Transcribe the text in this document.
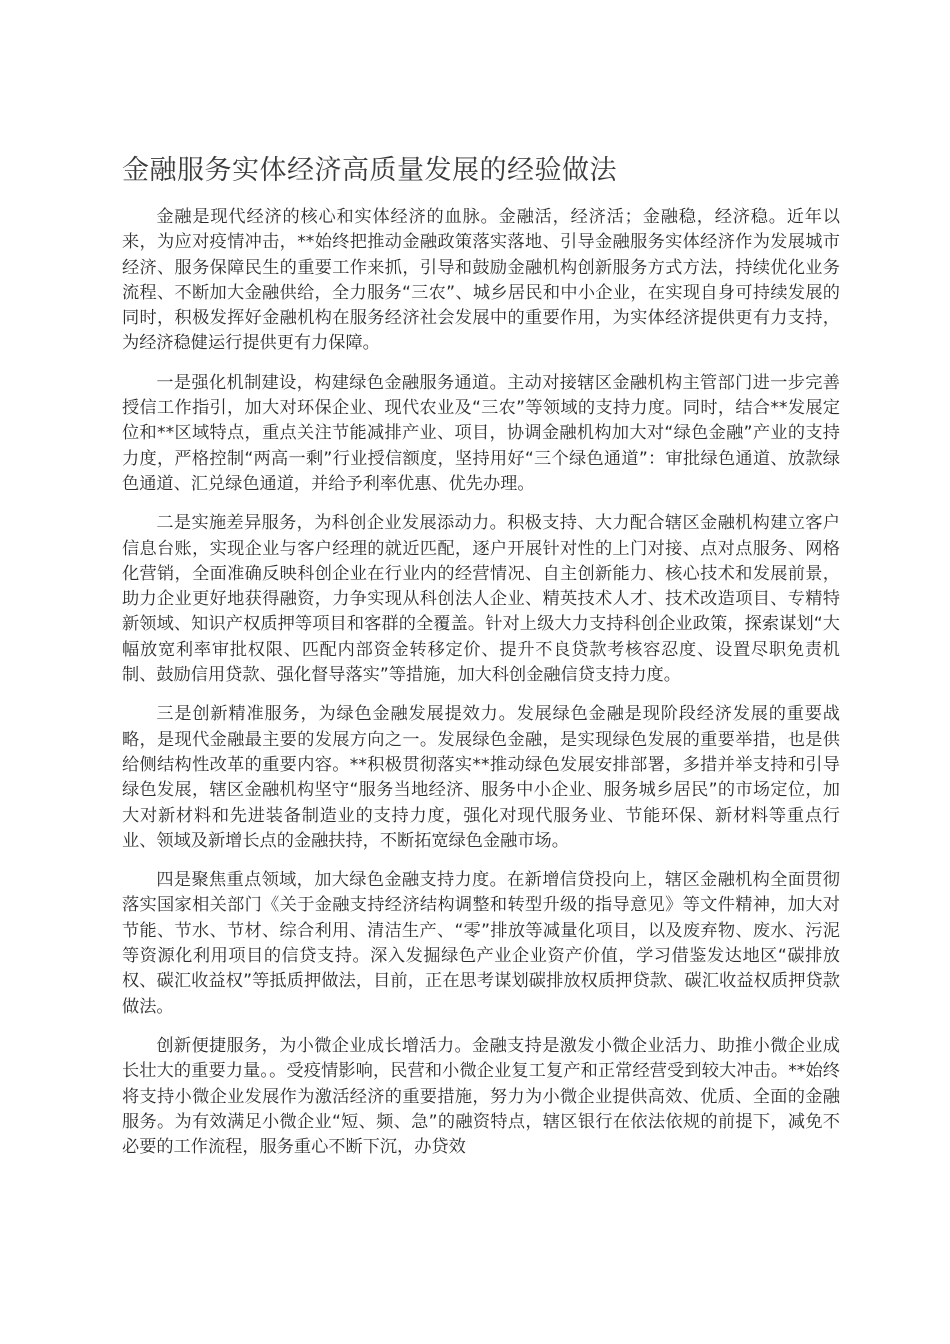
金融服务实体经济高质量发展的经验做法

金融是现代经济的核心和实体经济的血脉。金融活，经济活；金融稳，经济稳。近年以来，为应对疫情冲击，**始终把推动金融政策落实落地、引导金融服务实体经济作为发展城市经济、服务保障民生的重要工作来抓，引导和鼓励金融机构创新服务方式方法，持续优化业务流程、不断加大金融供给，全力服务“三农”、城乡居民和中小企业，在实现自身可持续发展的同时，积极发挥好金融机构在服务经济社会发展中的重要作用，为实体经济提供更有力支持，为经济稳健运行提供更有力保障。

一是强化机制建设，构建绿色金融服务通道。主动对接辖区金融机构主管部门进一步完善授信工作指引，加大对环保企业、现代农业及“三农”等领域的支持力度。同时，结合**发展定位和**区域特点，重点关注节能减排产业、项目，协调金融机构加大对“绿色金融”产业的支持力度，严格控制“两高一剩”行业授信额度，坚持用好“三个绿色通道”：审批绿色通道、放款绿色通道、汇兑绿色通道，并给予利率优惠、优先办理。

二是实施差异服务，为科创企业发展添动力。积极支持、大力配合辖区金融机构建立客户信息台账，实现企业与客户经理的就近匹配，逐户开展针对性的上门对接、点对点服务、网格化营销，全面准确反映科创企业在行业内的经营情况、自主创新能力、核心技术和发展前景，助力企业更好地获得融资，力争实现从科创法人企业、精英技术人才、技术改造项目、专精特新领域、知识产权质押等项目和客群的全覆盖。针对上级大力支持科创企业政策，探索谋划“大幅放宽利率审批权限、匹配内部资金转移定价、提升不良贷款考核容忍度、设置尽职免责机制、鼓励信用贷款、强化督导落实”等措施，加大科创金融信贷支持力度。

三是创新精准服务，为绿色金融发展提效力。发展绿色金融是现阶段经济发展的重要战略，是现代金融最主要的发展方向之一。发展绿色金融，是实现绿色发展的重要举措，也是供给侧结构性改革的重要内容。**积极贯彻落实**推动绿色发展安排部署，多措并举支持和引导绿色发展，辖区金融机构坚守“服务当地经济、服务中小企业、服务城乡居民”的市场定位，加大对新材料和先进装备制造业的支持力度，强化对现代服务业、节能环保、新材料等重点行业、领域及新增长点的金融扶持，不断拓宽绿色金融市场。

四是聚焦重点领域，加大绿色金融支持力度。在新增信贷投向上，辖区金融机构全面贯彻落实国家相关部门《关于金融支持经济结构调整和转型升级的指导意见》等文件精神，加大对节能、节水、节材、综合利用、清洁生产、“零”排放等减量化项目，以及废弃物、废水、污泥等资源化利用项目的信贷支持。深入发掘绿色产业企业资产价值，学习借鉴发达地区“碳排放权、碳汇收益权”等抵质押做法，目前，正在思考谋划碳排放权质押贷款、碳汇收益权质押贷款做法。

创新便捷服务，为小微企业成长增活力。金融支持是激发小微企业活力、助推小微企业成长壮大的重要力量。。受疫情影响，民营和小微企业复工复产和正常经营受到较大冲击。**始终将支持小微企业发展作为激活经济的重要措施，努力为小微企业提供高效、优质、全面的金融服务。为有效满足小微企业“短、频、急”的融资特点，辖区银行在依法依规的前提下，减免不必要的工作流程，服务重心不断下沉，办贷效
